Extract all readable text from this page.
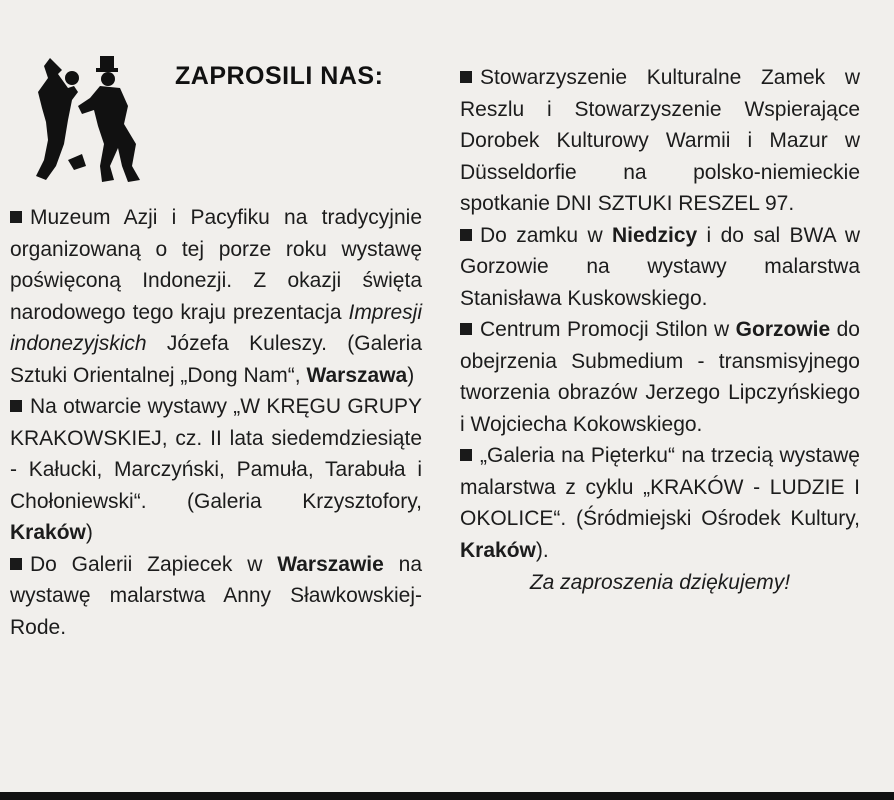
ZAPROSILI NAS:

Muzeum Azji i Pacyfiku na tradycyjnie organizowaną o tej porze roku wystawę poświęconą Indonezji. Z okazji święta narodowego tego kraju prezentacja Impresji indonezyjskich Józefa Kuleszy. (Galeria Sztuki Orientalnej „Dong Nam“, Warszawa)

Na otwarcie wystawy „W KRĘGU GRUPY KRAKOWSKIEJ, cz. II lata siedemdziesiąte - Kałucki, Marczyński, Pamuła, Tarabuła i Chołoniewski“. (Galeria Krzysztofory, Kraków)

Do Galerii Zapiecek w Warszawie na wystawę malarstwa Anny Sławkowskiej-Rode.

Stowarzyszenie Kulturalne Zamek w Reszlu i Stowarzyszenie Wspierające Dorobek Kulturowy Warmii i Mazur w Düsseldorfie na polsko-niemieckie spotkanie DNI SZTUKI RESZEL 97.

Do zamku w Niedzicy i do sal BWA w Gorzowie na wystawy malarstwa Stanisława Kuskowskiego.

Centrum Promocji Stilon w Gorzowie do obejrzenia Submedium - transmisyjnego tworzenia obrazów Jerzego Lipczyńskiego i Wojciecha Kokowskiego.

„Galeria na Pięterku“ na trzecią wystawę malarstwa z cyklu „KRAKÓW - LUDZIE I OKOLICE“. (Śródmiejski Ośrodek Kultury, Kraków).

Za zaproszenia dziękujemy!
